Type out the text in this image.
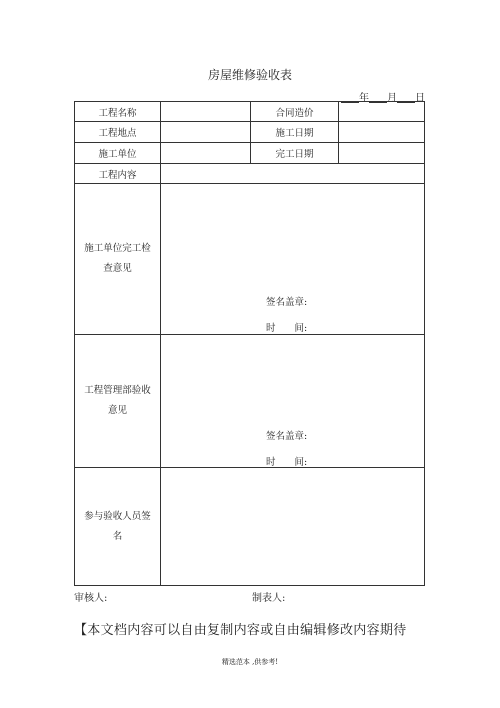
房屋维修验收表
年 月 日
工程名称		合同造价	
工程地点		施工日期	
施工单位		完工日期	
工程内容			
施工单位完工检查意见	签名盖章:
时　　间:		

工程管理部验收意见	签名盖章:
时　　间:		

参与验收人员签名			
审核人:	制表人:
【本文档内容可以自由复制内容或自由编辑修改内容期待
精选范本 ,供参考!
